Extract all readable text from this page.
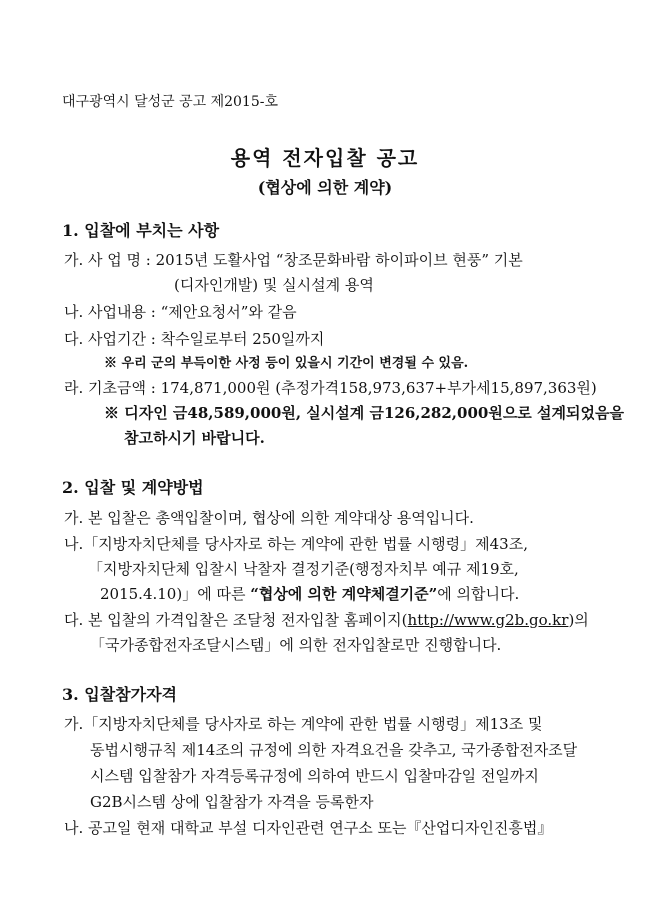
대구광역시 달성군 공고 제2015-호
용역 전자입찰 공고
(협상에 의한 계약)
1. 입찰에 부치는 사항
가. 사 업 명 : 2015년 도활사업 “창조문화바람 하이파이브 현풍” 기본
(디자인개발) 및 실시설계 용역
나. 사업내용 : “제안요청서”와 같음
다. 사업기간 : 착수일로부터 250일까지
※ 우리 군의 부득이한 사정 등이 있을시 기간이 변경될 수 있음.
라. 기초금액 : 174,871,000원 (추정가격158,973,637+부가세15,897,363원)
※ 디자인 금48,589,000원, 실시설계 금126,282,000원으로 설계되었음을
참고하시기 바랍니다.
2. 입찰 및 계약방법
가. 본 입찰은 총액입찰이며, 협상에 의한 계약대상 용역입니다.
나.「지방자치단체를 당사자로 하는 계약에 관한 법률 시행령」제43조,
「지방자치단체 입찰시 낙찰자 결정기준(행정자치부 예규 제19호,
2015.4.10)」에 따른 “협상에 의한 계약체결기준”에 의합니다.
다. 본 입찰의 가격입찰은 조달청 전자입찰 홈페이지(http://www.g2b.go.kr)의
「국가종합전자조달시스템」에 의한 전자입찰로만 진행합니다.
3. 입찰참가자격
가.「지방자치단체를 당사자로 하는 계약에 관한 법률 시행령」제13조 및
동법시행규칙 제14조의 규정에 의한 자격요건을 갖추고, 국가종합전자조달
시스템 입찰참가 자격등록규정에 의하여 반드시 입찰마감일 전일까지
G2B시스템 상에 입찰참가 자격을 등록한자
나. 공고일 현재 대학교 부설 디자인관련 연구소 또는『산업디자인진흥법』
